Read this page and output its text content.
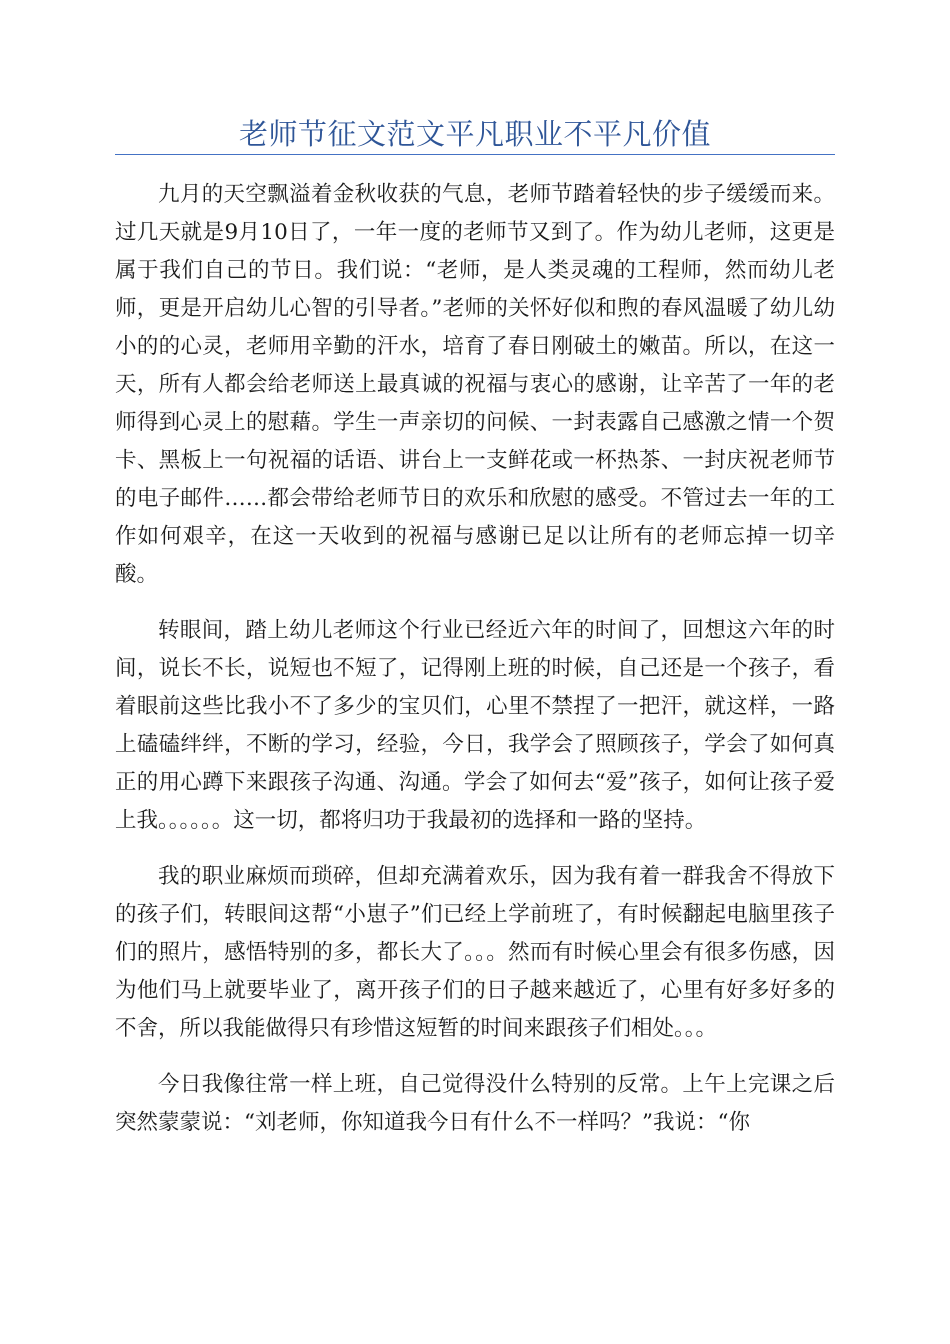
老师节征文范文平凡职业不平凡价值

九月的天空飘溢着金秋收获的气息，老师节踏着轻快的步子缓缓而来。过几天就是9月10日了，一年一度的老师节又到了。作为幼儿老师，这更是属于我们自己的节日。我们说：“老师，是人类灵魂的工程师，然而幼儿老师，更是开启幼儿心智的引导者。”老师的关怀好似和煦的春风温暖了幼儿幼小的的心灵，老师用辛勤的汗水，培育了春日刚破土的嫩苗。所以，在这一天，所有人都会给老师送上最真诚的祝福与衷心的感谢，让辛苦了一年的老师得到心灵上的慰藉。学生一声亲切的问候、一封表露自己感激之情一个贺卡、黑板上一句祝福的话语、讲台上一支鲜花或一杯热茶、一封庆祝老师节的电子邮件……都会带给老师节日的欢乐和欣慰的感受。不管过去一年的工作如何艰辛，在这一天收到的祝福与感谢已足以让所有的老师忘掉一切辛酸。

转眼间，踏上幼儿老师这个行业已经近六年的时间了，回想这六年的时间，说长不长，说短也不短了，记得刚上班的时候，自己还是一个孩子，看着眼前这些比我小不了多少的宝贝们，心里不禁捏了一把汗，就这样，一路上磕磕绊绊，不断的学习，经验，今日，我学会了照顾孩子，学会了如何真正的用心蹲下来跟孩子沟通、沟通。学会了如何去“爱”孩子，如何让孩子爱上我。。。。。。这一切，都将归功于我最初的选择和一路的坚持。

我的职业麻烦而琐碎，但却充满着欢乐，因为我有着一群我舍不得放下的孩子们，转眼间这帮“小崽子”们已经上学前班了，有时候翻起电脑里孩子们的照片，感悟特别的多，都长大了。。。然而有时候心里会有很多伤感，因为他们马上就要毕业了，离开孩子们的日子越来越近了，心里有好多好多的不舍，所以我能做得只有珍惜这短暂的时间来跟孩子们相处。。。

今日我像往常一样上班，自己觉得没什么特别的反常。上午上完课之后突然蒙蒙说：“刘老师，你知道我今日有什么不一样吗？”我说：“你
